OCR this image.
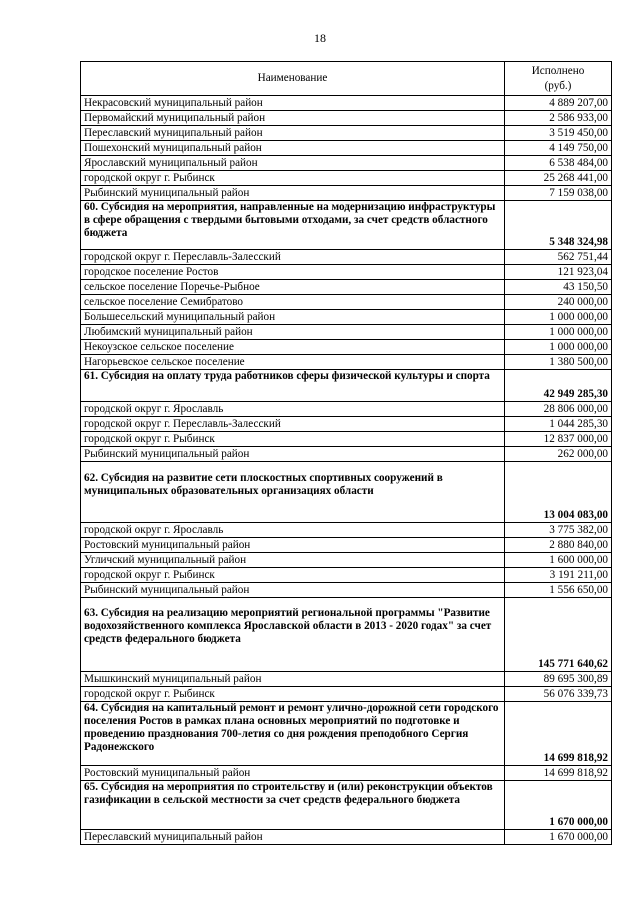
18
Наименование	Исполнено
(руб.)
Некрасовский муниципальный район	4 889 207,00
Первомайский муниципальный район	2 586 933,00
Переславский муниципальный район	3 519 450,00
Пошехонский муниципальный район	4 149 750,00
Ярославский муниципальный район	6 538 484,00
городской округ г. Рыбинск	25 268 441,00
Рыбинский муниципальный район	7 159 038,00
60. Субсидия на мероприятия, направленные на модернизацию инфраструктуры в сфере обращения с твердыми бытовыми отходами, за счет средств областного бюджета	5 348 324,98
городской округ г. Переславль-Залесский	562 751,44
городское поселение Ростов	121 923,04
сельское поселение Поречье-Рыбное	43 150,50
сельское поселение Семибратово	240 000,00
Большесельский муниципальный район	1 000 000,00
Любимский муниципальный район	1 000 000,00
Некоузское сельское поселение	1 000 000,00
Нагорьевское сельское поселение	1 380 500,00
61. Субсидия на оплату труда работников сферы физической культуры и спорта	42 949 285,30
городской округ г. Ярославль	28 806 000,00
городской округ г. Переславль-Залесский	1 044 285,30
городской округ г. Рыбинск	12 837 000,00
Рыбинский муниципальный район	262 000,00
62. Субсидия на развитие сети плоскостных спортивных сооружений в муниципальных образовательных организациях области	13 004 083,00
городской округ г. Ярославль	3 775 382,00
Ростовский муниципальный район	2 880 840,00
Угличский муниципальный район	1 600 000,00
городской округ г. Рыбинск	3 191 211,00
Рыбинский муниципальный район	1 556 650,00
63. Субсидия на реализацию мероприятий региональной программы "Развитие водохозяйственного комплекса Ярославской области в 2013 - 2020 годах" за счет средств федерального бюджета	145 771 640,62
Мышкинский муниципальный район	89 695 300,89
городской округ г. Рыбинск	56 076 339,73
64. Субсидия на капитальный ремонт и ремонт улично-дорожной сети городского поселения Ростов в рамках плана основных мероприятий по подготовке и проведению празднования 700-летия со дня рождения преподобного Сергия Радонежского	14 699 818,92
Ростовский муниципальный район	14 699 818,92
65. Субсидия на мероприятия по строительству и (или) реконструкции объектов газификации в сельской местности за счет средств федерального бюджета	1 670 000,00
Переславский муниципальный район	1 670 000,00
